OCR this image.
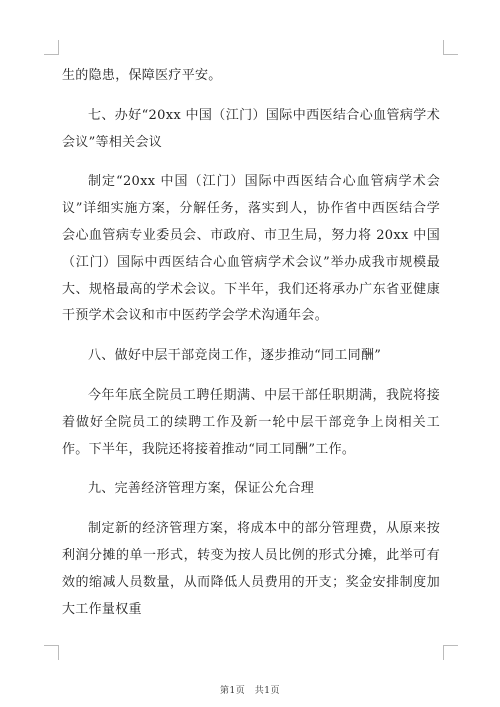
生的隐患，保障医疗平安。

七、办好“20xx 中国（江门）国际中西医结合心血管病学术会议”等相关会议

制定“20xx 中国（江门）国际中西医结合心血管病学术会议”详细实施方案，分解任务，落实到人，协作省中西医结合学会心血管病专业委员会、市政府、市卫生局，努力将 20xx 中国（江门）国际中西医结合心血管病学术会议”举办成我市规模最大、规格最高的学术会议。下半年，我们还将承办广东省亚健康干预学术会议和市中医药学会学术沟通年会。

八、做好中层干部竞岗工作，逐步推动“同工同酬”

今年年底全院员工聘任期满、中层干部任职期满，我院将接着做好全院员工的续聘工作及新一轮中层干部竞争上岗相关工作。下半年，我院还将接着推动“同工同酬”工作。

九、完善经济管理方案，保证公允合理

制定新的经济管理方案，将成本中的部分管理费，从原来按利润分摊的单一形式，转变为按人员比例的形式分摊，此举可有效的缩减人员数量，从而降低人员费用的开支；奖金安排制度加大工作量权重

第1页　共1页
